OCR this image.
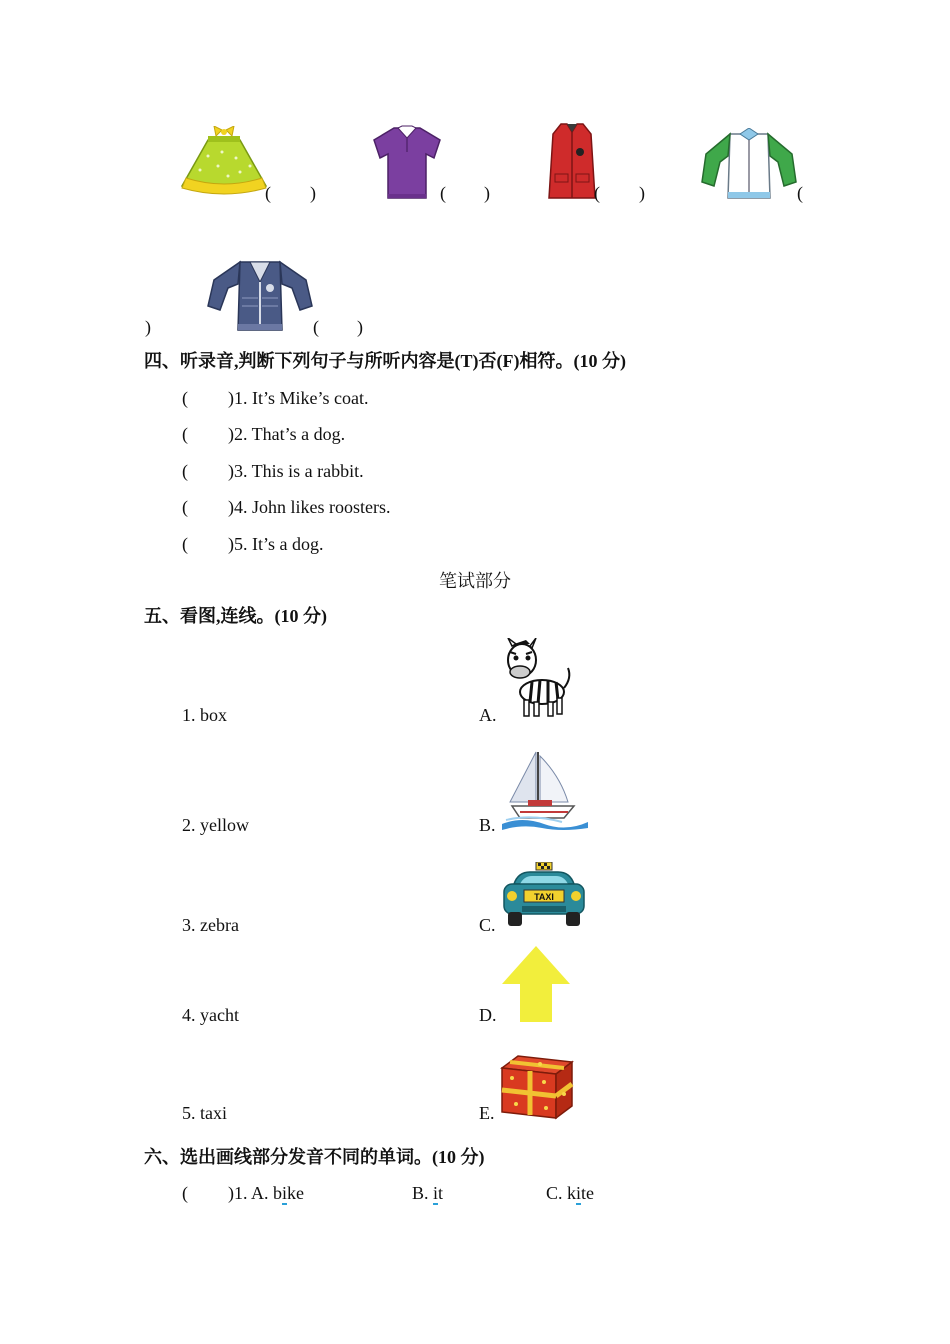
( )	( )	( )	(
)	( )
四、听录音,判断下列句子与所听内容是(T)否(F)相符。(10 分)
( )1. It’s Mike’s coat.
( )2. That’s a dog.
( )3. This is a rabbit.
( )4. John likes roosters.
( )5. It’s a dog.
笔试部分
五、看图,连线。(10 分)
1. box
2. yellow
3. zebra
4. yacht
5. taxi
A.
B.
C.
D.
E.
TAXI
六、选出画线部分发音不同的单词。(10 分)
( )1. A. bike	B. it	C. kite
